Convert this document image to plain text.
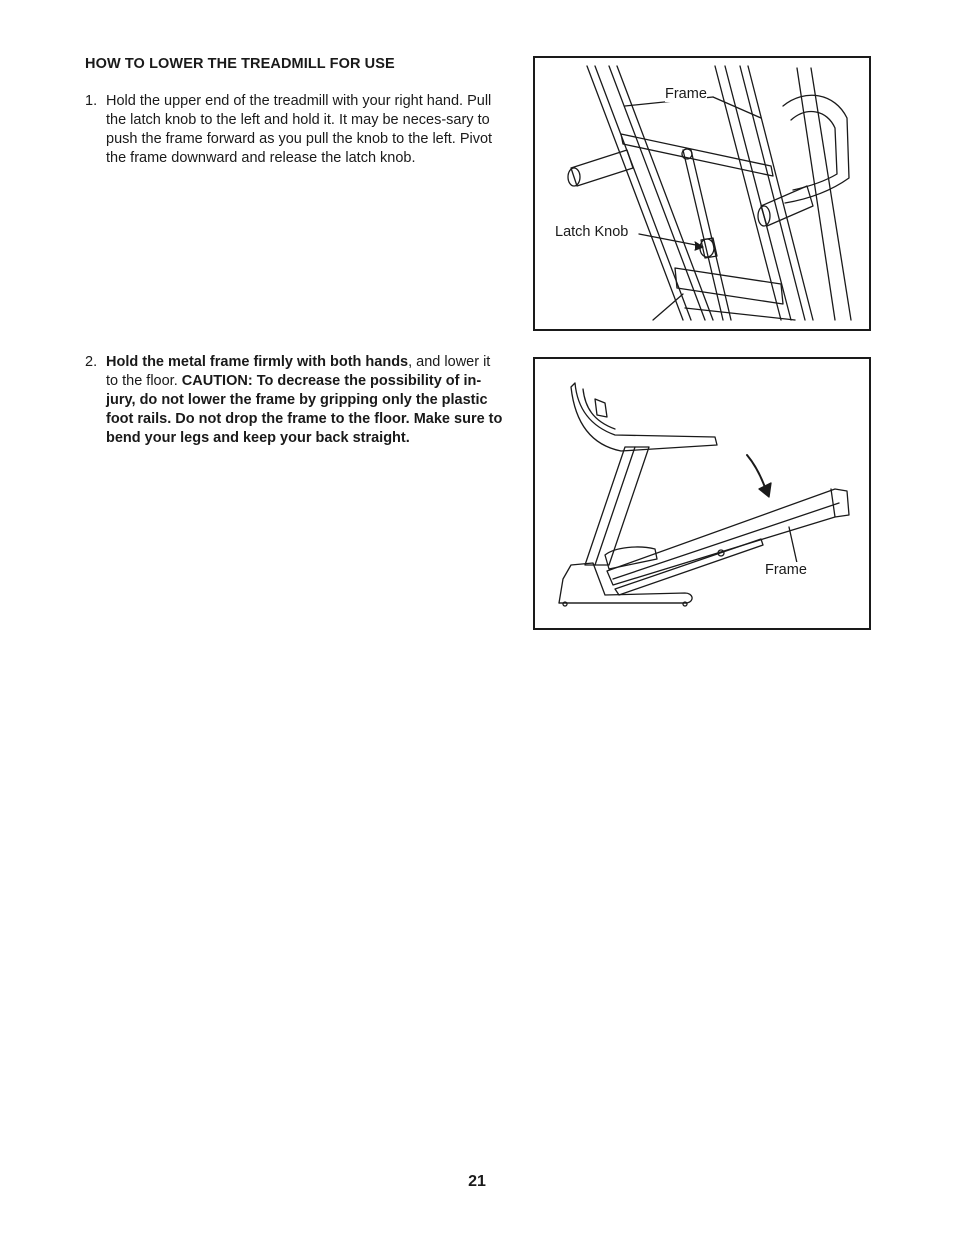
HOW TO LOWER THE TREADMILL FOR USE
1. Hold the upper end of the treadmill with your right hand. Pull the latch knob to the left and hold it. It may be neces-sary to push the frame forward as you pull the knob to the left. Pivot the frame downward and release the latch knob.
2. Hold the metal frame firmly with both hands, and lower it to the floor. CAUTION: To decrease the possibility of in-jury, do not lower the frame by gripping only the plastic foot rails. Do not drop the frame to the floor. Make sure to bend your legs and keep your back straight.
Frame
Latch Knob
Frame
21
